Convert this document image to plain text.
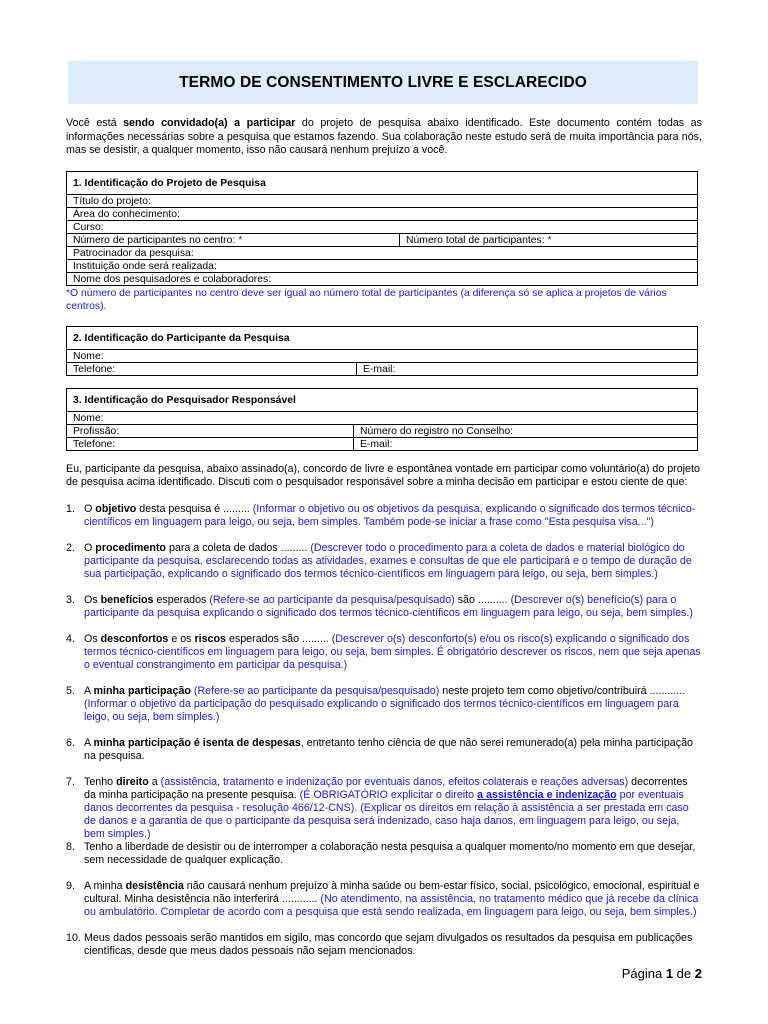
TERMO DE CONSENTIMENTO LIVRE E ESCLARECIDO
Você está sendo convidado(a) a participar do projeto de pesquisa abaixo identificado. Este documento contém todas as informações necessárias sobre a pesquisa que estamos fazendo. Sua colaboração neste estudo será de muita importância para nós, mas se desistir, a qualquer momento, isso não causará nenhum prejuízo a você.
1. Identificação do Projeto de Pesquisa
Título do projeto:
Área do conhecimento:
Curso:
Número de participantes no centro: *	Número total de participantes: *
Patrocinador da pesquisa:
Instituição onde será realizada:
Nome dos pesquisadores e colaboradores:
*O número de participantes no centro deve ser igual ao número total de participantes (a diferença só se aplica a projetos de vários centros).
2. Identificação do Participante da Pesquisa
Nome:
Telefone:	E-mail:
3. Identificação do Pesquisador Responsável	
Nome:	
Profissão:	Número do registro no Conselho:
Telefone:	E-mail:
Eu, participante da pesquisa, abaixo assinado(a), concordo de livre e espontânea vontade em participar como voluntário(a) do projeto de pesquisa acima identificado. Discuti com o pesquisador responsável sobre a minha decisão em participar e estou ciente de que:
1. O objetivo desta pesquisa é ......... (Informar o objetivo ou os objetivos da pesquisa, explicando o significado dos termos técnico-científicos em linguagem para leigo, ou seja, bem simples. Também pode-se iniciar a frase como "Esta pesquisa visa...")
2. O procedimento para a coleta de dados ......... (Descrever todo o procedimento para a coleta de dados e material biológico do participante da pesquisa, esclarecendo todas as atividades, exames e consultas de que ele participará e o tempo de duração de sua participação, explicando o significado dos termos técnico-científicos em linguagem para leigo, ou seja, bem simples.)
3. Os benefícios esperados (Refere-se ao participante da pesquisa/pesquisado) são .......... (Descrever o(s) benefício(s) para o participante da pesquisa explicando o significado dos termos técnico-científicos em linguagem para leigo, ou seja, bem simples.)
4. Os desconfortos e os riscos esperados são ......... (Descrever o(s) desconforto(s) e/ou os risco(s) explicando o significado dos termos técnico-científicos em linguagem para leigo, ou seja, bem simples. É obrigatório descrever os riscos, nem que seja apenas o eventual constrangimento em participar da pesquisa.)
5. A minha participação (Refere-se ao participante da pesquisa/pesquisado) neste projeto tem como objetivo/contribuirá ............ (Informar o objetivo da participação do pesquisado explicando o significado dos termos técnico-científicos em linguagem para leigo, ou seja, bem simples.)
6. A minha participação é isenta de despesas, entretanto tenho ciência de que não serei remunerado(a) pela minha participação na pesquisa.
7. Tenho direito a (assistência, tratamento e indenização por eventuais danos, efeitos colaterais e reações adversas) decorrentes da minha participação na presente pesquisa. (É OBRIGATÓRIO explicitar o direito a assistência e indenização por eventuais danos decorrentes da pesquisa - resolução 466/12-CNS). (Explicar os direitos em relação à assistência a ser prestada em caso de danos e a garantia de que o participante da pesquisa será indenizado, caso haja danos, em linguagem para leigo, ou seja, bem simples.)
8. Tenho a liberdade de desistir ou de interromper a colaboração nesta pesquisa a qualquer momento/no momento em que desejar, sem necessidade de qualquer explicação.
9. A minha desistência não causará nenhum prejuízo à minha saúde ou bem-estar físico, social, psicológico, emocional, espiritual e cultural. Minha desistência não interferirá ............ (No atendimento, na assistência, no tratamento médico que já recebe da clínica ou ambulatório. Completar de acordo com a pesquisa que está sendo realizada, em linguagem para leigo, ou seja, bem simples.)
10. Meus dados pessoais serão mantidos em sigilo, mas concordo que sejam divulgados os resultados da pesquisa em publicações científicas, desde que meus dados pessoais não sejam mencionados.
Página 1 de 2
